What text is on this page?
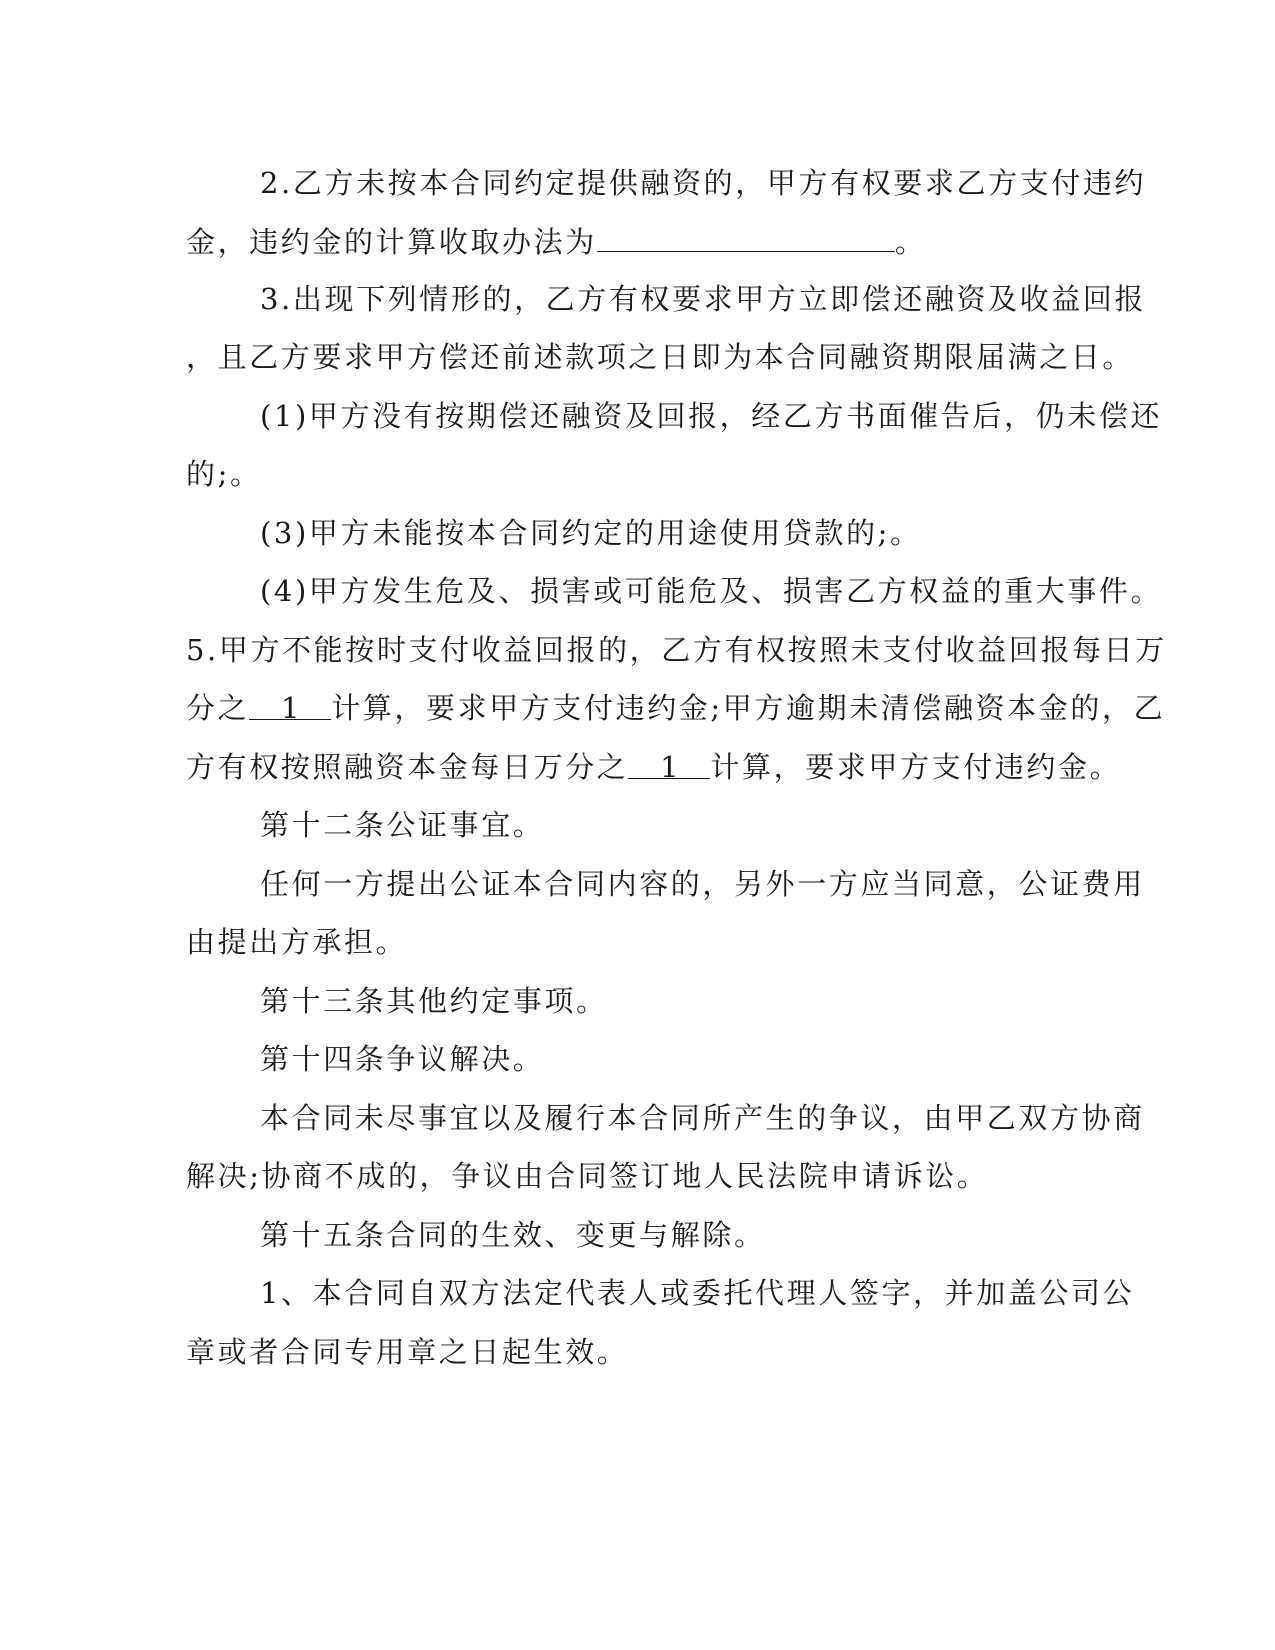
2.乙方未按本合同约定提供融资的，甲方有权要求乙方支付违约
金，违约金的计算收取办法为	。
3.出现下列情形的，乙方有权要求甲方立即偿还融资及收益回报
，且乙方要求甲方偿还前述款项之日即为本合同融资期限届满之日。
(1)甲方没有按期偿还融资及回报，经乙方书面催告后，仍未偿还
的;。
(3)甲方未能按本合同约定的用途使用贷款的;。
(4)甲方发生危及、损害或可能危及、损害乙方权益的重大事件。
5.甲方不能按时支付收益回报的，乙方有权按照未支付收益回报每日万
分之 1 计算，要求甲方支付违约金;甲方逾期未清偿融资本金的，乙
方有权按照融资本金每日万分之 1 计算，要求甲方支付违约金。
第十二条公证事宜。
任何一方提出公证本合同内容的，另外一方应当同意，公证费用
由提出方承担。
第十三条其他约定事项。
第十四条争议解决。
本合同未尽事宜以及履行本合同所产生的争议，由甲乙双方协商
解决;协商不成的，争议由合同签订地人民法院申请诉讼。
第十五条合同的生效、变更与解除。
1、本合同自双方法定代表人或委托代理人签字，并加盖公司公
章或者合同专用章之日起生效。
